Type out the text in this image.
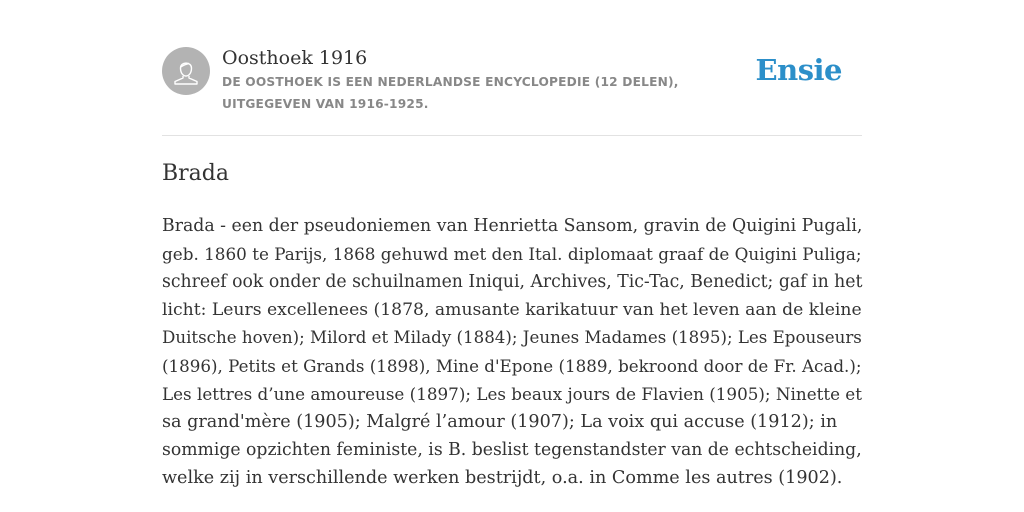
Oosthoek 1916
DE OOSTHOEK IS EEN NEDERLANDSE ENCYCLOPEDIE (12 DELEN), UITGEGEVEN VAN 1916-1925.
Ensie
Brada
Brada - een der pseudoniemen van Henrietta Sansom, gravin de Quigini Pugali,
geb. 1860 te Parijs, 1868 gehuwd met den Ital. diplomaat graaf de Quigini Puliga;
schreef ook onder de schuilnamen Iniqui, Archives, Tic-Tac, Benedict; gaf in het
licht: Leurs excellenees (1878, amusante karikatuur van het leven aan de kleine
Duitsche hoven); Milord et Milady (1884); Jeunes Madames (1895); Les Epouseurs
(1896), Petits et Grands (1898), Mine d'Epone (1889, bekroond door de Fr. Acad.);
Les lettres d’une amoureuse (1897); Les beaux jours de Flavien (1905); Ninette et
sa grand'mère (1905); Malgré l’amour (1907); La voix qui accuse (1912); in
sommige opzichten feministe, is B. beslist tegenstandster van de echtscheiding,
welke zij in verschillende werken bestrijdt, o.a. in Comme les autres (1902).
